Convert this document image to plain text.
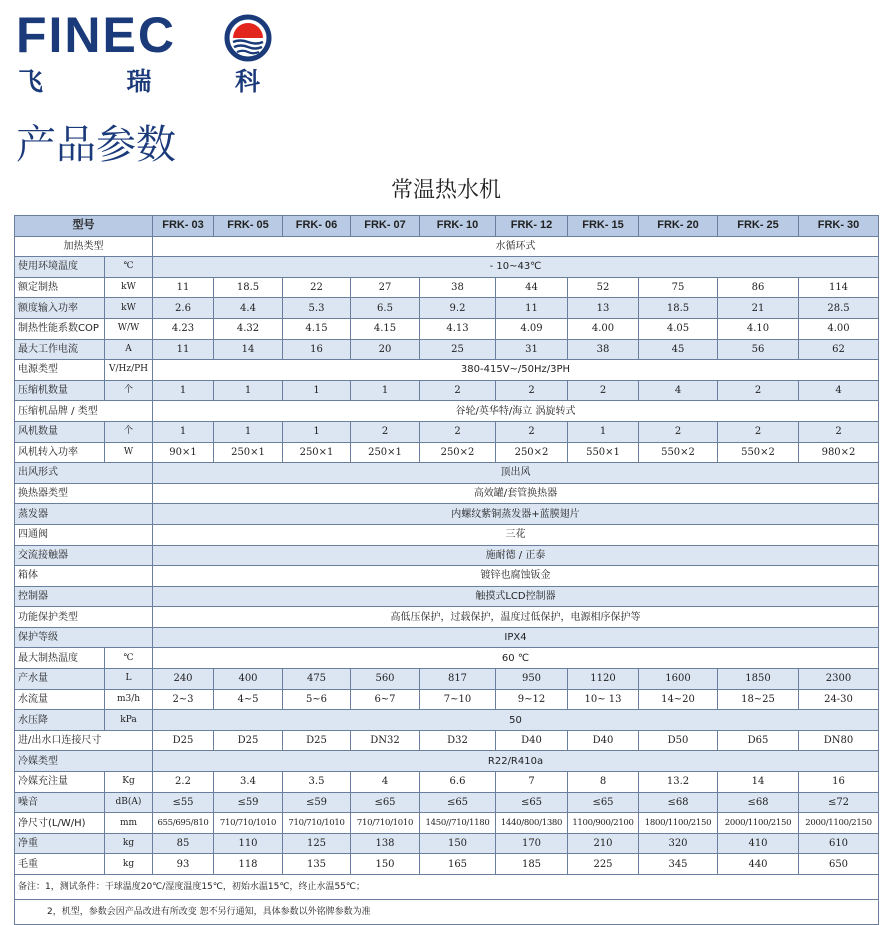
FINEC
飞	瑞	科
产品参数
常温热水机
型号		FRK- 03	FRK- 05	FRK- 06	FRK- 07	FRK- 10	FRK- 12	FRK- 15	FRK- 20	FRK- 25	FRK- 30
加热类型		水循环式									
使用环境温度	℃	- 10~43℃									
额定制热	kW	11	18.5	22	27	38	44	52	75	86	114
额度输入功率	kW	2.6	4.4	5.3	6.5	9.2	11	13	18.5	21	28.5
制热性能系数COP	W/W	4.23	4.32	4.15	4.15	4.13	4.09	4.00	4.05	4.10	4.00
最大工作电流	A	11	14	16	20	25	31	38	45	56	62
电源类型	V/Hz/PH	380-415V~/50Hz/3PH									
压缩机数量	个	1	1	1	1	2	2	2	4	2	4
压缩机品牌 / 类型		谷轮/英华特/海立 涡旋转式									
风机数量	个	1	1	1	2	2	2	1	2	2	2
风机转入功率	W	90×1	250×1	250×1	250×1	250×2	250×2	550×1	550×2	550×2	980×2
出风形式		顶出风									
换热器类型		高效罐/套管换热器									
蒸发器		内螺纹紫铜蒸发器+蓝膜翅片									
四通阀		三花									
交流接触器		施耐德 / 正泰									
箱体		镀锌也腐蚀钣金									
控制器		触摸式LCD控制器									
功能保护类型		高低压保护，过载保护，温度过低保护，电源相序保护等									
保护等级		IPX4									
最大制热温度	℃	60 ℃									
产水量	L	240	400	475	560	817	950	1120	1600	1850	2300
水流量	m3/h	2~3	4~5	5~6	6~7	7~10	9~12	10~ 13	14~20	18~25	24-30
水压降	kPa	50									
进/出水口连接尺寸		D25	D25	D25	DN32	D32	D40	D40	D50	D65	DN80
冷媒类型		R22/R410a									
冷媒充注量	Kg	2.2	3.4	3.5	4	6.6	7	8	13.2	14	16
噪音	dB(A)	≤55	≤59	≤59	≤65	≤65	≤65	≤65	≤68	≤68	≤72
净尺寸(L/W/H)	mm	655/695/810	710/710/1010	710/710/1010	710/710/1010	1450//710/1180	1440/800/1380	1100/900/2100	1800/1100/2150	2000/1100/2150	2000/1100/2150
净重	kg	85	110	125	138	150	170	210	320	410	610
毛重	kg	93	118	135	150	165	185	225	345	440	650
备注：1，测试条件：干球温度20℃/湿度温度15℃，初始水温15℃，终止水温55℃；											
2，机型，参数会因产品改进有所改变 恕不另行通知，具体参数以外铭牌参数为准											
